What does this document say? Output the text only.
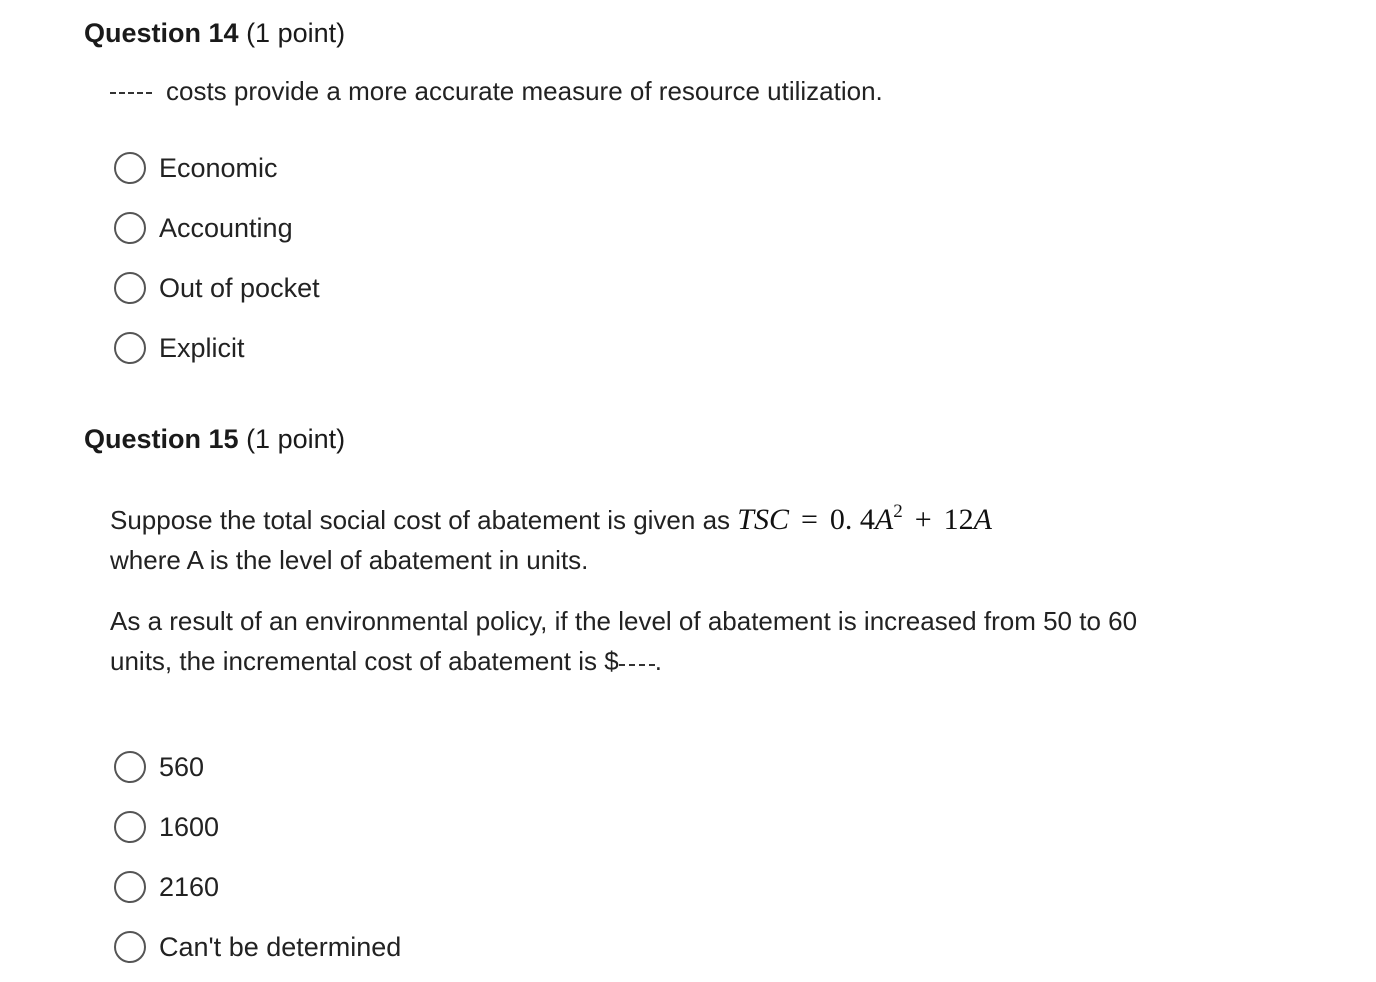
Question 14 (1 point)
costs provide a more accurate measure of resource utilization.
Economic
Accounting
Out of pocket
Explicit
Question 15 (1 point)
Suppose the total social cost of abatement is given as TSC = 0. $4A^2 + 12A$
where A is the level of abatement in units.
As a result of an environmental policy, if the level of abatement is increased from 50 to 60 units, the incremental cost of abatement is $ .
560
1600
2160
Can't be determined
